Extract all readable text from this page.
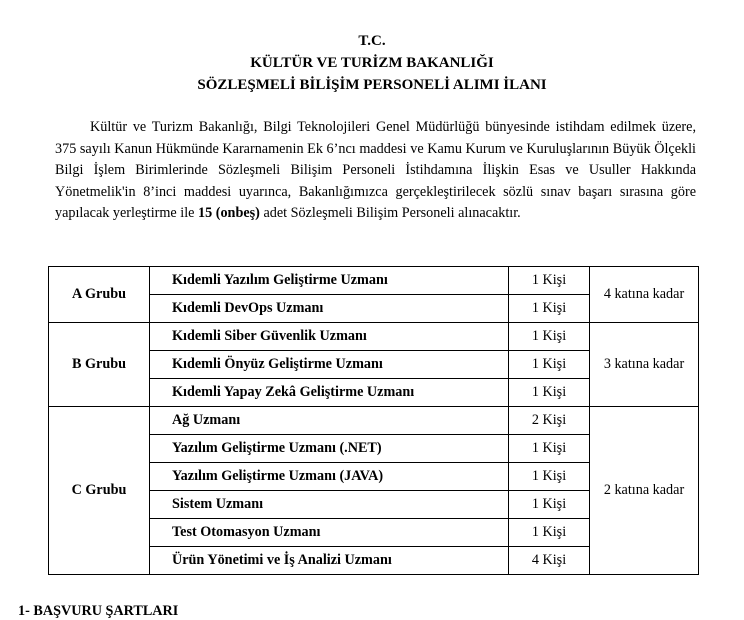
T.C.
KÜLTÜR VE TURİZM BAKANLIĞI
SÖZLEŞMELİ BİLİŞİM PERSONELİ ALIMI İLANI

Kültür ve Turizm Bakanlığı, Bilgi Teknolojileri Genel Müdürlüğü bünyesinde istihdam edilmek üzere, 375 sayılı Kanun Hükmünde Kararnamenin Ek 6’ncı maddesi ve Kamu Kurum ve Kuruluşlarının Büyük Ölçekli Bilgi İşlem Birimlerinde Sözleşmeli Bilişim Personeli İstihdamına İlişkin Esas ve Usuller Hakkında Yönetmelik'in 8’inci maddesi uyarınca, Bakanlığımızca gerçekleştirilecek sözlü sınav başarı sırasına göre yapılacak yerleştirme ile 15 (onbeş) adet Sözleşmeli Bilişim Personeli alınacaktır.

A Grubu	Kıdemli Yazılım Geliştirme Uzmanı	1 Kişi	4 katına kadar
	Kıdemli DevOps Uzmanı	1 Kişi	
B Grubu	Kıdemli Siber Güvenlik Uzmanı	1 Kişi	3 katına kadar
	Kıdemli Önyüz Geliştirme Uzmanı	1 Kişi	
	Kıdemli Yapay Zekâ Geliştirme Uzmanı	1 Kişi	
C Grubu	Ağ Uzmanı	2 Kişi	2 katına kadar
	Yazılım Geliştirme Uzmanı (.NET)	1 Kişi	
	Yazılım Geliştirme Uzmanı (JAVA)	1 Kişi	
	Sistem Uzmanı	1 Kişi	
	Test Otomasyon Uzmanı	1 Kişi	
	Ürün Yönetimi ve İş Analizi Uzmanı	4 Kişi	
1- BAŞVURU ŞARTLARI
